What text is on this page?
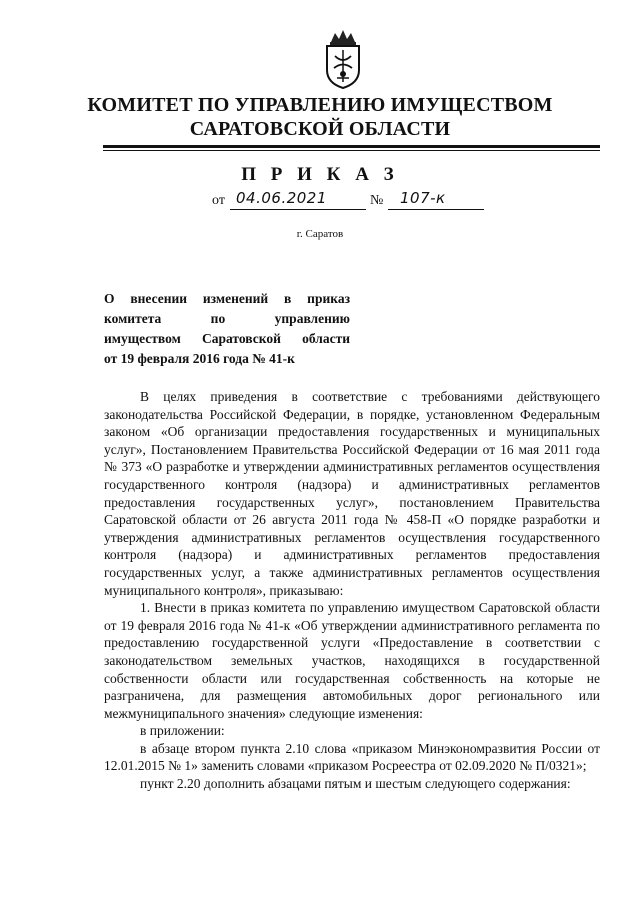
КОМИТЕТ ПО УПРАВЛЕНИЮ ИМУЩЕСТВОМ
САРАТОВСКОЙ ОБЛАСТИ
П Р И К А З
от 04.06.2021	№ 107-к
г. Саратов
О внесении изменений в приказ
комитета по управлению
имуществом Саратовской области
от 19 февраля 2016 года № 41-к

В целях приведения в соответствие с требованиями действующего законодательства Российской Федерации, в порядке, установленном Федеральным законом «Об организации предоставления государственных и муниципальных услуг», Постановлением Правительства Российской Федерации от 16 мая 2011 года № 373 «О разработке и утверждении административных регламентов осуществления государственного контроля (надзора) и административных регламентов предоставления государственных услуг», постановлением Правительства Саратовской области от 26 августа 2011 года № 458-П «О порядке разработки и утверждения административных регламентов осуществления государственного контроля (надзора) и административных регламентов предоставления государственных услуг, а также административных регламентов осуществления муниципального контроля», приказываю:

1. Внести в приказ комитета по управлению имуществом Саратовской области от 19 февраля 2016 года № 41-к «Об утверждении административного регламента по предоставлению государственной услуги «Предоставление в соответствии с законодательством земельных участков, находящихся в государственной собственности области или государственная собственность на которые не разграничена, для размещения автомобильных дорог регионального или межмуниципального значения» следующие изменения:

в приложении:

в абзаце втором пункта 2.10 слова «приказом Минэкономразвития России от 12.01.2015 № 1» заменить словами «приказом Росреестра от 02.09.2020 № П/0321»;

пункт 2.20 дополнить абзацами пятым и шестым следующего содержания:
